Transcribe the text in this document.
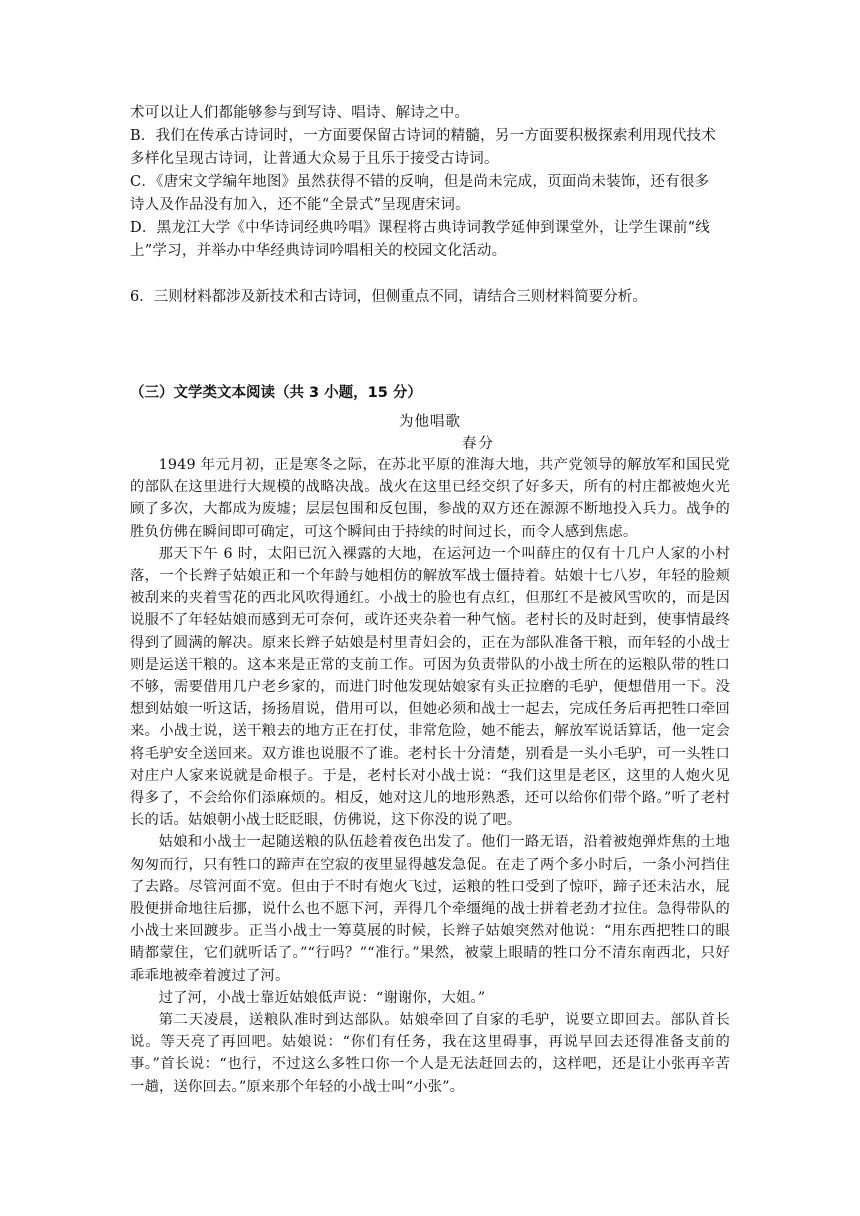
术可以让人们都能够参与到写诗、唱诗、解诗之中。
B．我们在传承古诗词时，一方面要保留古诗词的精髓，另一方面要积极探索利用现代技术
多样化呈现古诗词，让普通大众易于且乐于接受古诗词。
C．《唐宋文学编年地图》虽然获得不错的反响，但是尚未完成，页面尚未装饰，还有很多
诗人及作品没有加入，还不能“全景式”呈现唐宋词。
D．黑龙江大学《中华诗词经典吟唱》课程将古典诗词教学延伸到课堂外，让学生课前“线
上”学习，并举办中华经典诗词吟唱相关的校园文化活动。
6．三则材料都涉及新技术和古诗词，但侧重点不同，请结合三则材料简要分析。
（三）文学类文本阅读（共 3 小题，15 分）
为他唱歌
春分

1949 年元月初，正是寒冬之际，在苏北平原的淮海大地，共产党领导的解放军和国民党的部队在这里进行大规模的战略决战。战火在这里已经交织了好多天，所有的村庄都被炮火光顾了多次，大都成为废墟；层层包围和反包围，参战的双方还在源源不断地投入兵力。战争的胜负仿佛在瞬间即可确定，可这个瞬间由于持续的时间过长，而令人感到焦虑。

那天下午 6 时，太阳已沉入裸露的大地，在运河边一个叫薛庄的仅有十几户人家的小村落，一个长辫子姑娘正和一个年龄与她相仿的解放军战士僵持着。姑娘十七八岁，年轻的脸颊被刮来的夹着雪花的西北风吹得通红。小战士的脸也有点红，但那红不是被风雪吹的，而是因说服不了年轻姑娘而感到无可奈何，或许还夹杂着一种气恼。老村长的及时赶到，使事情最终得到了圆满的解决。原来长辫子姑娘是村里青妇会的，正在为部队准备干粮，而年轻的小战士则是运送干粮的。这本来是正常的支前工作。可因为负责带队的小战士所在的运粮队带的牲口不够，需要借用几户老乡家的，而进门时他发现姑娘家有头正拉磨的毛驴，便想借用一下。没想到姑娘一听这话，扬扬眉说，借用可以，但她必须和战士一起去，完成任务后再把牲口牵回来。小战士说，送干粮去的地方正在打仗，非常危险，她不能去，解放军说话算话，他一定会将毛驴安全送回来。双方谁也说服不了谁。老村长十分清楚，别看是一头小毛驴，可一头牲口对庄户人家来说就是命根子。于是，老村长对小战士说：“我们这里是老区，这里的人炮火见得多了，不会给你们添麻烦的。相反，她对这儿的地形熟悉，还可以给你们带个路。”听了老村长的话。姑娘朝小战士眨眨眼，仿佛说，这下你没的说了吧。

姑娘和小战士一起随送粮的队伍趁着夜色出发了。他们一路无语，沿着被炮弹炸焦的土地匆匆而行，只有牲口的蹄声在空寂的夜里显得越发急促。在走了两个多小时后，一条小河挡住了去路。尽管河面不宽。但由于不时有炮火飞过，运粮的牲口受到了惊吓，蹄子还未沾水，屁股便拼命地往后挪，说什么也不愿下河，弄得几个牵缰绳的战士拼着老劲才拉住。急得带队的小战士来回踱步。正当小战士一筹莫展的时候，长辫子姑娘突然对他说：“用东西把牲口的眼睛都蒙住，它们就听话了。”“行吗？”“准行。”果然，被蒙上眼睛的牲口分不清东南西北，只好乖乖地被牵着渡过了河。

过了河，小战士靠近姑娘低声说：“谢谢你，大姐。”

第二天凌晨，送粮队准时到达部队。姑娘牵回了自家的毛驴，说要立即回去。部队首长说。等天亮了再回吧。姑娘说：“你们有任务，我在这里碍事，再说早回去还得准备支前的事。”首长说：“也行，不过这么多牲口你一个人是无法赶回去的，这样吧，还是让小张再辛苦一趟，送你回去。”原来那个年轻的小战士叫“小张”。
